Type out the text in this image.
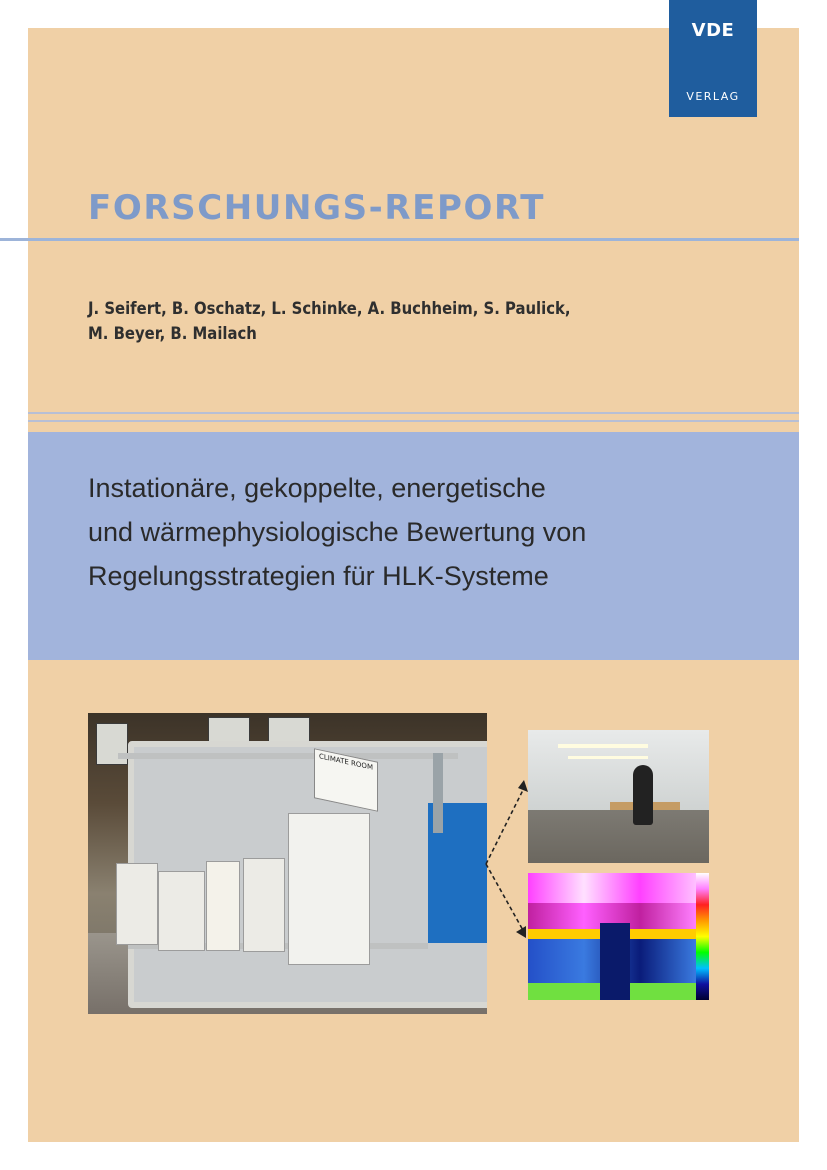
VDE
VERLAG
FORSCHUNGS-REPORT
J. Seifert, B. Oschatz, L. Schinke, A. Buchheim, S. Paulick,
M. Beyer, B. Mailach
Instationäre, gekoppelte, energetische
und wärmephysiologische Bewertung von
Regelungsstrategien für HLK-Systeme
CLIMATE ROOM
